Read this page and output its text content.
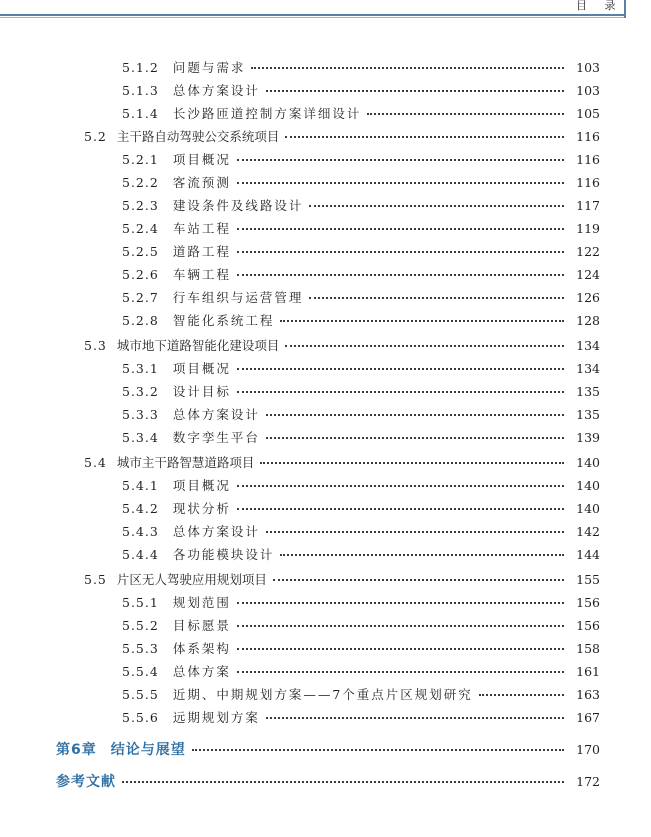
目 录
5.1.2	问题与需求	103
5.1.3	总体方案设计	103
5.1.4	长沙路匝道控制方案详细设计	105
5.2 主干路自动驾驶公交系统项目	116
5.2.1	项目概况	116
5.2.2	客流预测	116
5.2.3	建设条件及线路设计	117
5.2.4	车站工程	119
5.2.5	道路工程	122
5.2.6	车辆工程	124
5.2.7	行车组织与运营管理	126
5.2.8	智能化系统工程	128
5.3 城市地下道路智能化建设项目	134
5.3.1	项目概况	134
5.3.2	设计目标	135
5.3.3	总体方案设计	135
5.3.4	数字孪生平台	139
5.4 城市主干路智慧道路项目	140
5.4.1	项目概况	140
5.4.2	现状分析	140
5.4.3	总体方案设计	142
5.4.4	各功能模块设计	144
5.5 片区无人驾驶应用规划项目	155
5.5.1	规划范围	156
5.5.2	目标愿景	156
5.5.3	体系架构	158
5.5.4	总体方案	161
5.5.5	近期、中期规划方案——7个重点片区规划研究	163
5.5.6	远期规划方案	167
第6章	结论与展望	170
参考文献	172
